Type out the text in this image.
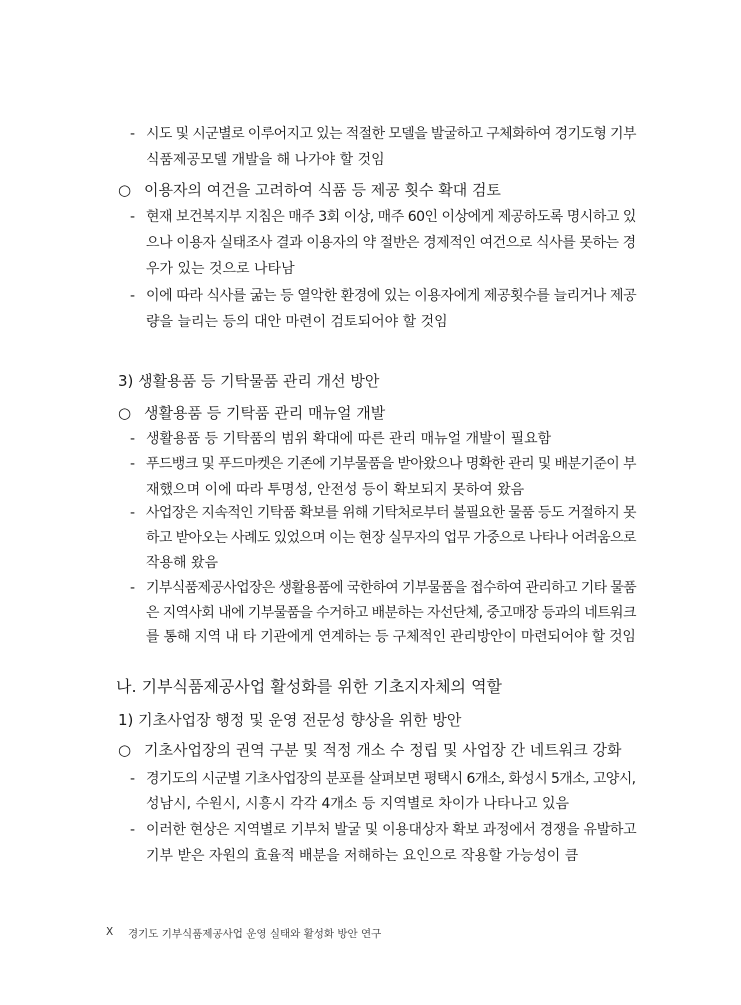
- 시도 및 시군별로 이루어지고 있는 적절한 모델을 발굴하고 구체화하여 경기도형 기부
식품제공모델 개발을 해 나가야 할 것임
○ 이용자의 여건을 고려하여 식품 등 제공 횟수 확대 검토
- 현재 보건복지부 지침은 매주 3회 이상, 매주 60인 이상에게 제공하도록 명시하고 있
으나 이용자 실태조사 결과 이용자의 약 절반은 경제적인 여건으로 식사를 못하는 경
우가 있는 것으로 나타남
- 이에 따라 식사를 굶는 등 열악한 환경에 있는 이용자에게 제공횟수를 늘리거나 제공
량을 늘리는 등의 대안 마련이 검토되어야 할 것임
3) 생활용품 등 기탁물품 관리 개선 방안
○ 생활용품 등 기탁품 관리 매뉴얼 개발
- 생활용품 등 기탁품의 범위 확대에 따른 관리 매뉴얼 개발이 필요함
- 푸드뱅크 및 푸드마켓은 기존에 기부물품을 받아왔으나 명확한 관리 및 배분기준이 부
재했으며 이에 따라 투명성, 안전성 등이 확보되지 못하여 왔음
- 사업장은 지속적인 기탁품 확보를 위해 기탁처로부터 불필요한 물품 등도 거절하지 못
하고 받아오는 사례도 있었으며 이는 현장 실무자의 업무 가중으로 나타나 어려움으로
작용해 왔음
- 기부식품제공사업장은 생활용품에 국한하여 기부물품을 접수하여 관리하고 기타 물품
은 지역사회 내에 기부물품을 수거하고 배분하는 자선단체, 중고매장 등과의 네트워크
를 통해 지역 내 타 기관에게 연계하는 등 구체적인 관리방안이 마련되어야 할 것임
나. 기부식품제공사업 활성화를 위한 기초지자체의 역할
1) 기초사업장 행정 및 운영 전문성 향상을 위한 방안
○ 기초사업장의 권역 구분 및 적정 개소 수 정립 및 사업장 간 네트워크 강화
- 경기도의 시군별 기초사업장의 분포를 살펴보면 평택시 6개소, 화성시 5개소, 고양시,
성남시, 수원시, 시흥시 각각 4개소 등 지역별로 차이가 나타나고 있음
- 이러한 현상은 지역별로 기부처 발굴 및 이용대상자 확보 과정에서 경쟁을 유발하고
기부 받은 자원의 효율적 배분을 저해하는 요인으로 작용할 가능성이 큼
X 경기도 기부식품제공사업 운영 실태와 활성화 방안 연구
